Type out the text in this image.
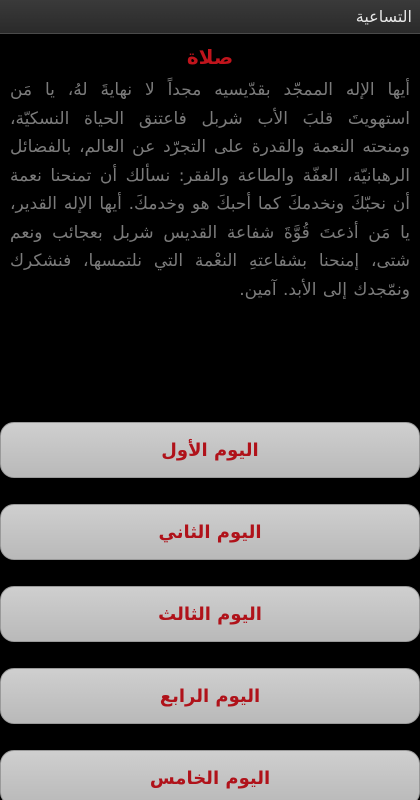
التساعية
صلاة
أيها الإله الممجّد بقدّيسيه مجداً لا نهايةَ لهُ، يا مَن استهويتَ قلبَ الأب شربل فاعتنق الحياة النسكيّة، ومنحته النعمة والقدرة على التجرّد عن العالم، بالفضائل الرهبانيّة، العفّة والطاعة والفقر: نسألك أن تمنحنا نعمة أن نحبّكَ ونخدمكَ كما أحبكَ هو وخدمكَ. أيها الإله القدير، يا مَن أذعتَ قُوَّةَ شفاعة القديس شربل بعجائب ونعم شتى، إمنحنا بشفاعتهِ النعْمة التي نلتمسها، فنشكرك ونمّجدك إلى الأبد. آمين.
اليوم الأول
اليوم الثاني
اليوم الثالث
اليوم الرابع
اليوم الخامس
